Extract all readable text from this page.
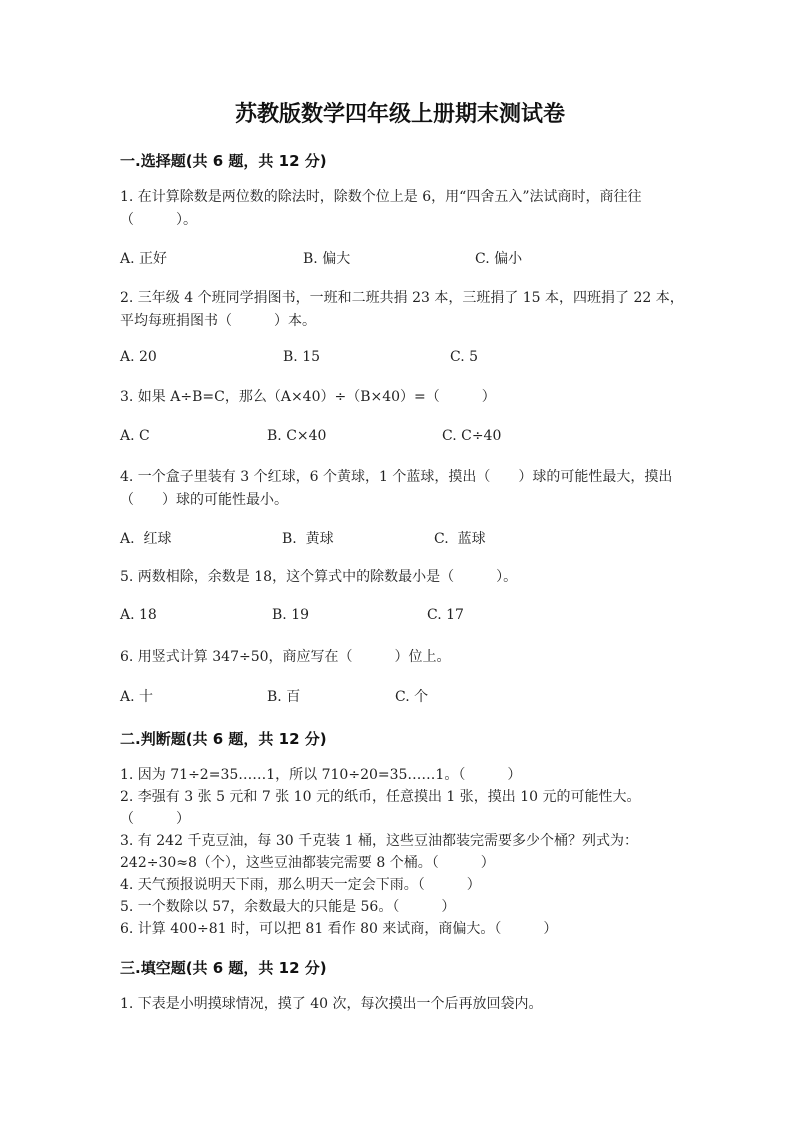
苏教版数学四年级上册期末测试卷
一.选择题(共 6 题，共 12 分)
1. 在计算除数是两位数的除法时，除数个位上是 6，用“四舍五入”法试商时，商往往（　　　）。
A. 正好	B. 偏大	C. 偏小
2. 三年级 4 个班同学捐图书，一班和二班共捐 23 本，三班捐了 15 本，四班捐了 22 本，平均每班捐图书（　　　）本。
A. 20	B. 15	C. 5
3. 如果 A÷B=C，那么（A×40）÷（B×40）=（　　　）
A. C	B. C×40	C. C÷40
4. 一个盒子里装有 3 个红球，6 个黄球，1 个蓝球，摸出（　　）球的可能性最大，摸出（　　）球的可能性最小。
A.  红球	B.  黄球	C.  蓝球
5. 两数相除，余数是 18，这个算式中的除数最小是（　　　）。
A. 18	B. 19	C. 17
6. 用竖式计算 347÷50，商应写在（　　　）位上。
A. 十	B. 百	C. 个
二.判断题(共 6 题，共 12 分)
1. 因为 71÷2=35……1，所以 710÷20=35……1。（　　　）
2. 李强有 3 张 5 元和 7 张 10 元的纸币，任意摸出 1 张，摸出 10 元的可能性大。（　　　）
3. 有 242 千克豆油，每 30 千克装 1 桶，这些豆油都装完需要多少个桶？列式为：242÷30≈8（个），这些豆油都装完需要 8 个桶。（　　　）
4. 天气预报说明天下雨，那么明天一定会下雨。（　　　）
5. 一个数除以 57，余数最大的只能是 56。（　　　）
6. 计算 400÷81 时，可以把 81 看作 80 来试商，商偏大。（　　　）
三.填空题(共 6 题，共 12 分)
1. 下表是小明摸球情况，摸了 40 次，每次摸出一个后再放回袋内。
